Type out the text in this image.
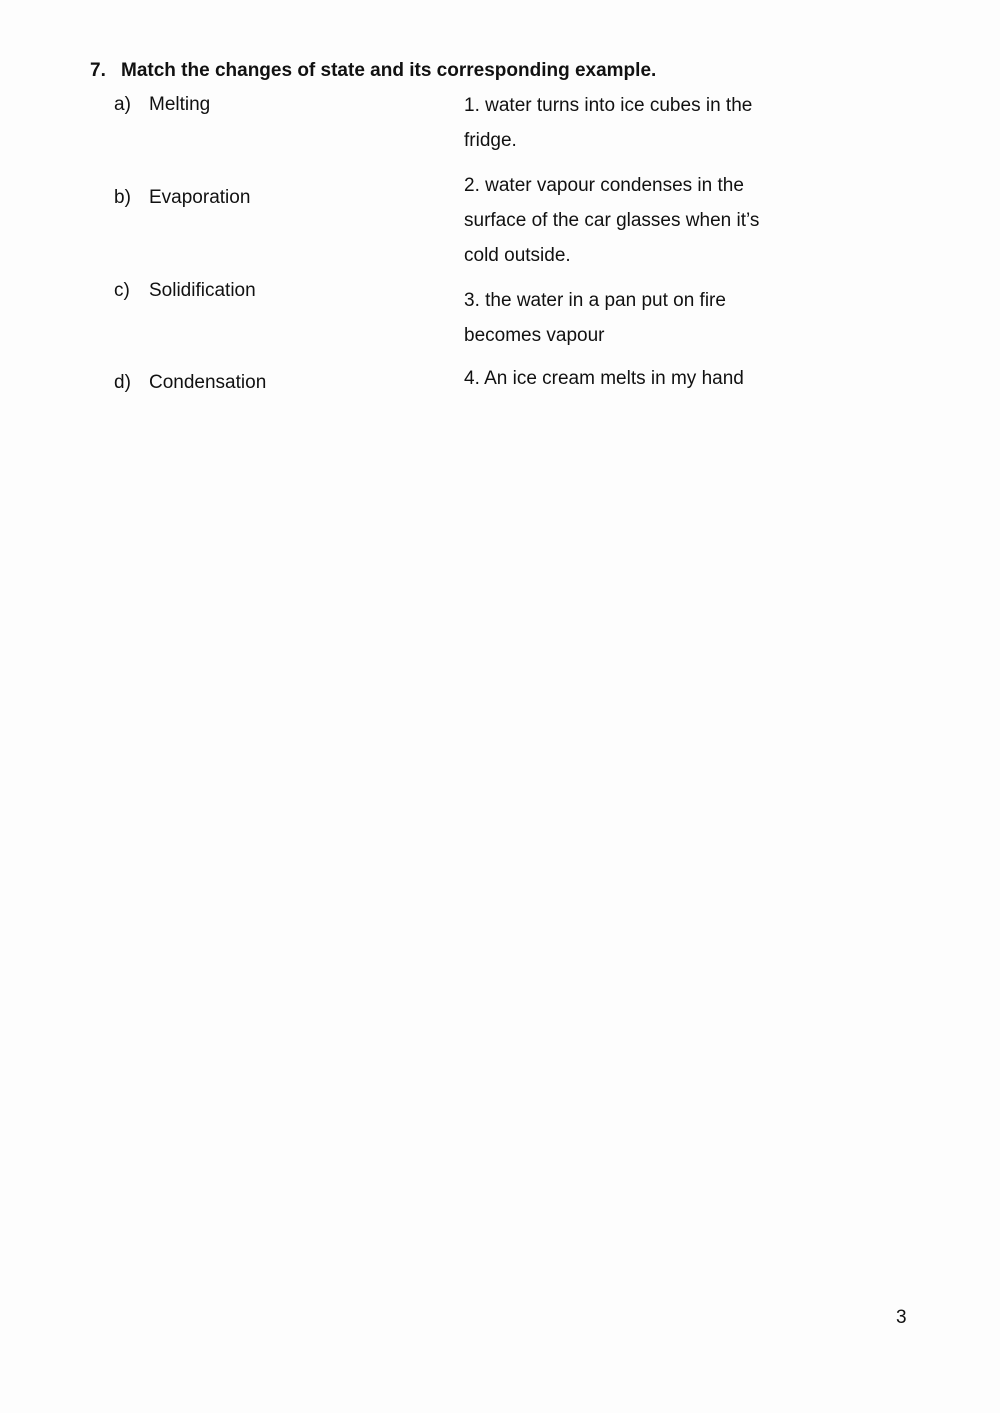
7. Match the changes of state and its corresponding example.
a) Melting
b) Evaporation
c) Solidification
d) Condensation
1. water turns into ice cubes in the fridge.
2. water vapour condenses in the surface of the car glasses when it’s cold outside.
3. the water in a pan put on fire becomes vapour
4. An ice cream melts in my hand
3
